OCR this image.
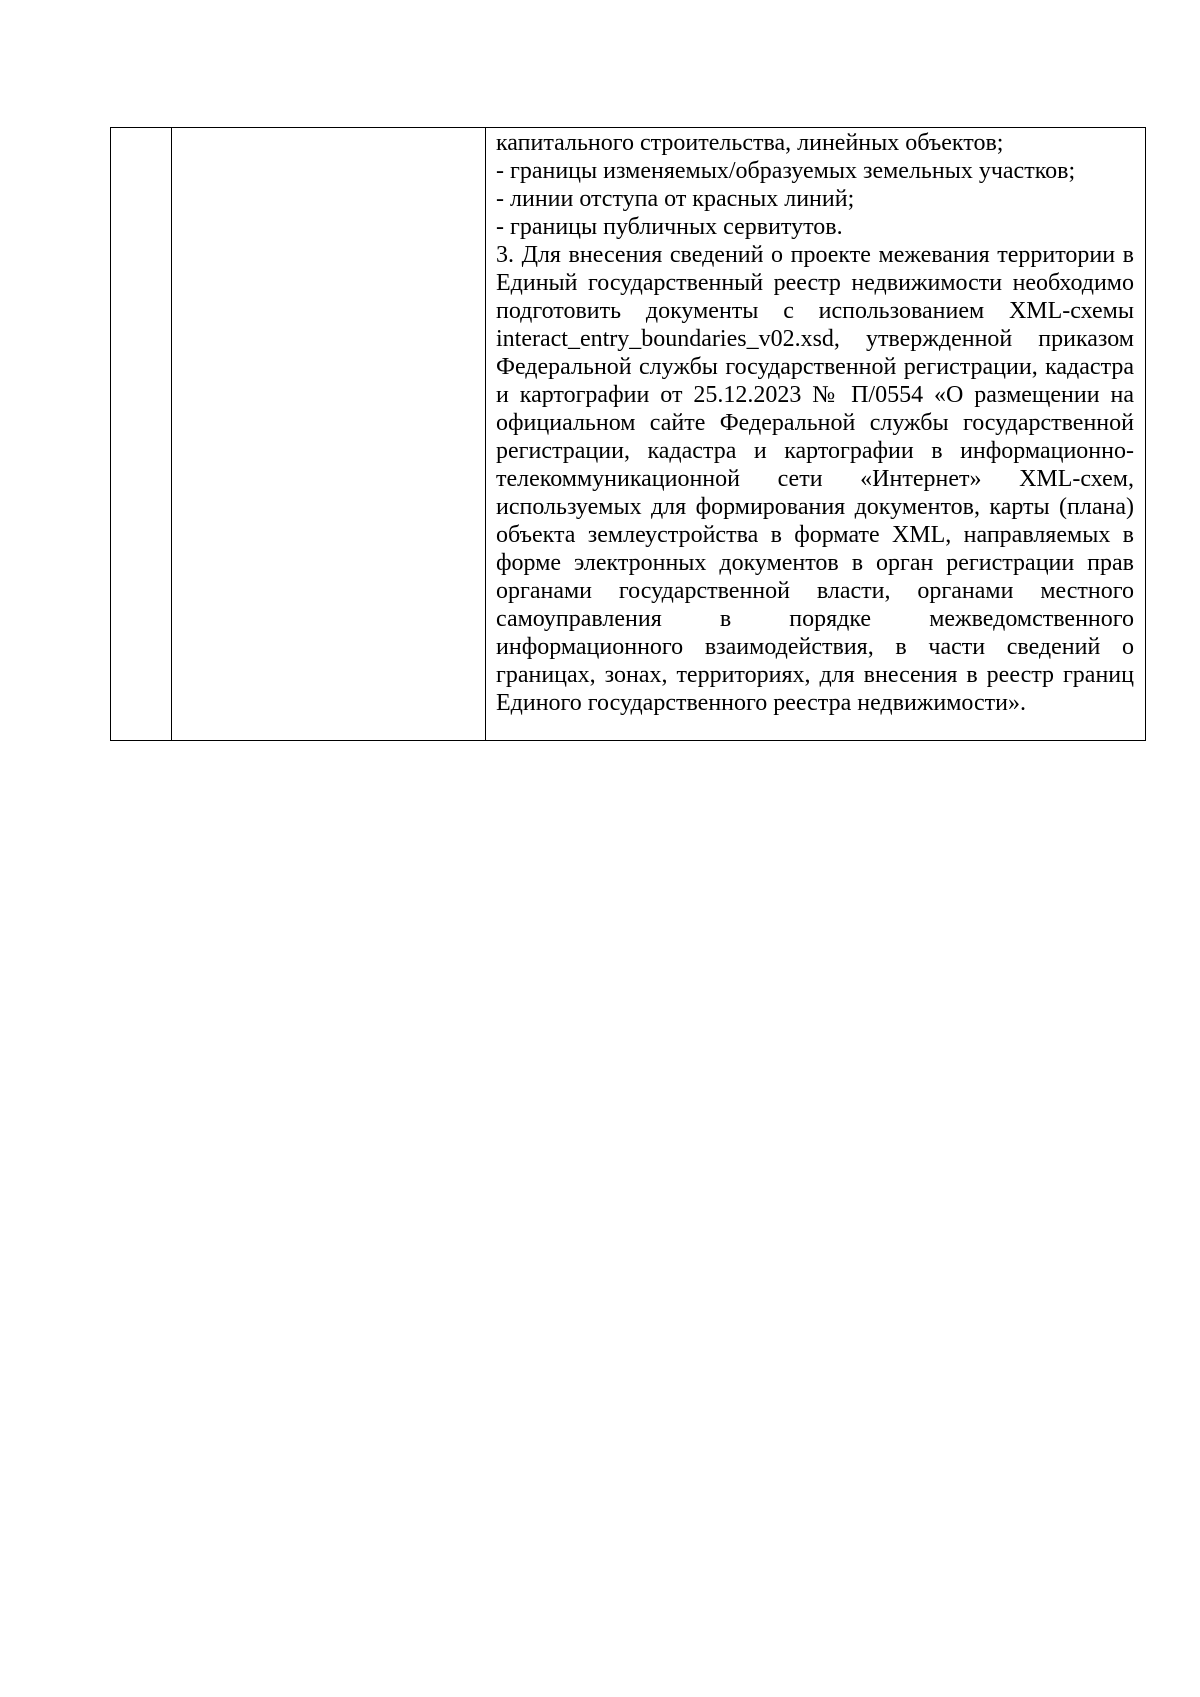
капитального строительства, линейных объектов;

- границы изменяемых/образуемых земельных участков;

- линии отступа от красных линий;

- границы публичных сервитутов.

3. Для внесения сведений о проекте межевания территории в Единый государственный реестр недвижимости необходимо подготовить документы с использованием XML-схемы interact_entry_boundaries_v02.xsd, утвержденной приказом Федеральной службы государственной регистрации, кадастра и картографии от 25.12.2023 № П/0554 «О размещении на официальном сайте Федеральной службы государственной регистрации, кадастра и картографии в информационно-телекоммуникационной сети «Интернет» XML-схем, используемых для формирования документов, карты (плана) объекта землеустройства в формате XML, направляемых в форме электронных документов в орган регистрации прав органами государственной власти, органами местного самоуправления в порядке межведомственного информационного взаимодействия, в части сведений о границах, зонах, территориях, для внесения в реестр границ Единого государственного реестра недвижимости».
